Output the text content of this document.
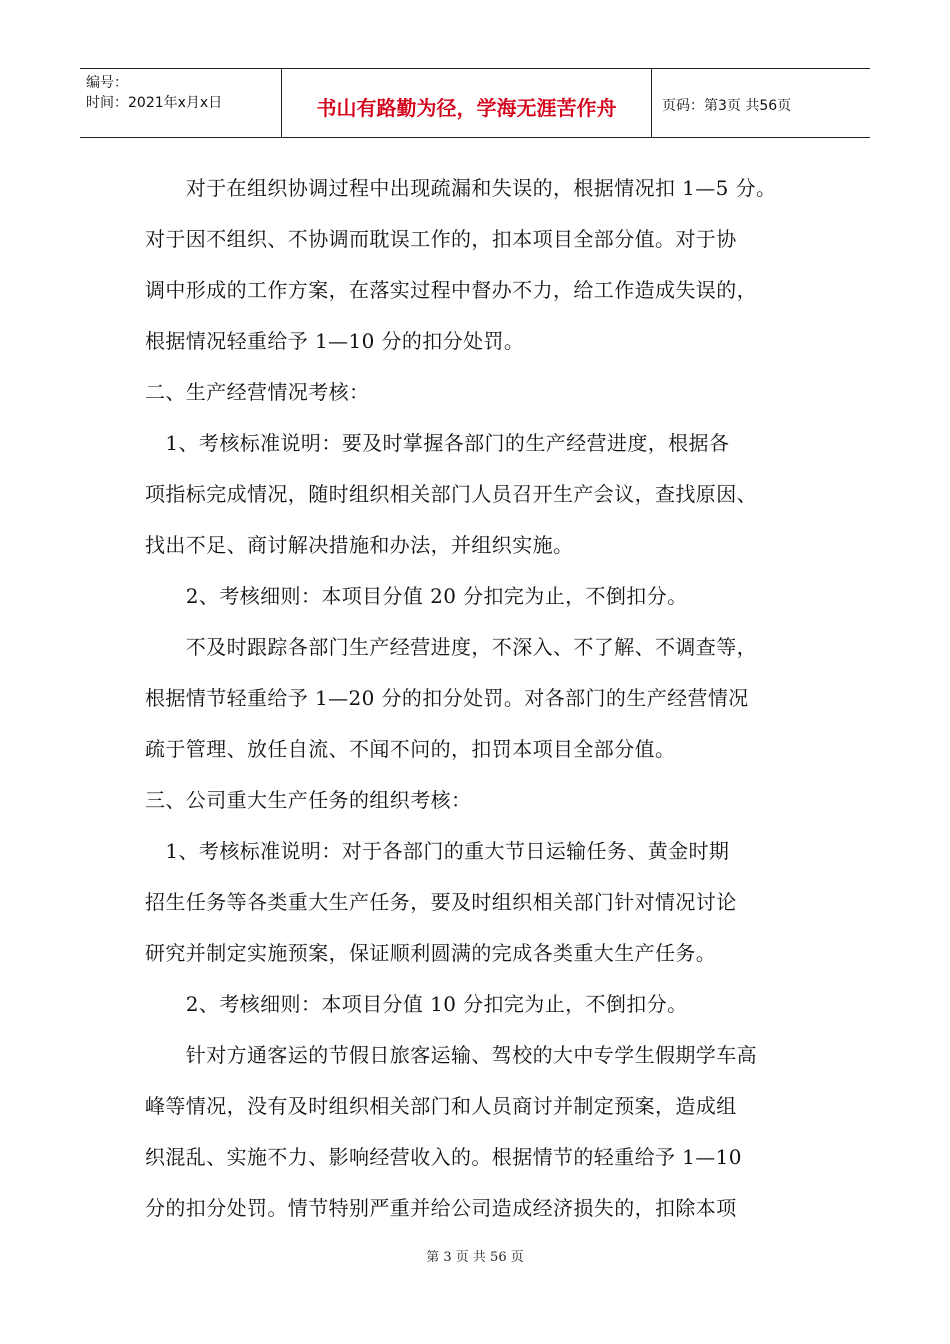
编号：
时间：2021年x月x日	书山有路勤为径，学海无涯苦作舟	页码：第3页 共56页
　　对于在组织协调过程中出现疏漏和失误的，根据情况扣 1—5 分。
对于因不组织、不协调而耽误工作的，扣本项目全部分值。对于协
调中形成的工作方案，在落实过程中督办不力，给工作造成失误的，
根据情况轻重给予 1—10 分的扣分处罚。
二、生产经营情况考核：
　1、考核标准说明：要及时掌握各部门的生产经营进度，根据各
项指标完成情况，随时组织相关部门人员召开生产会议，查找原因、
找出不足、商讨解决措施和办法，并组织实施。
　　2、考核细则：本项目分值 20 分扣完为止，不倒扣分。
　　不及时跟踪各部门生产经营进度，不深入、不了解、不调查等，
根据情节轻重给予 1—20 分的扣分处罚。对各部门的生产经营情况
疏于管理、放任自流、不闻不问的，扣罚本项目全部分值。
三、公司重大生产任务的组织考核：
　1、考核标准说明：对于各部门的重大节日运输任务、黄金时期
招生任务等各类重大生产任务，要及时组织相关部门针对情况讨论
研究并制定实施预案，保证顺利圆满的完成各类重大生产任务。
　　2、考核细则：本项目分值 10 分扣完为止，不倒扣分。
　　针对方通客运的节假日旅客运输、驾校的大中专学生假期学车高
峰等情况，没有及时组织相关部门和人员商讨并制定预案，造成组
织混乱、实施不力、影响经营收入的。根据情节的轻重给予 1—10
分的扣分处罚。情节特别严重并给公司造成经济损失的，扣除本项
第 3 页 共 56 页
